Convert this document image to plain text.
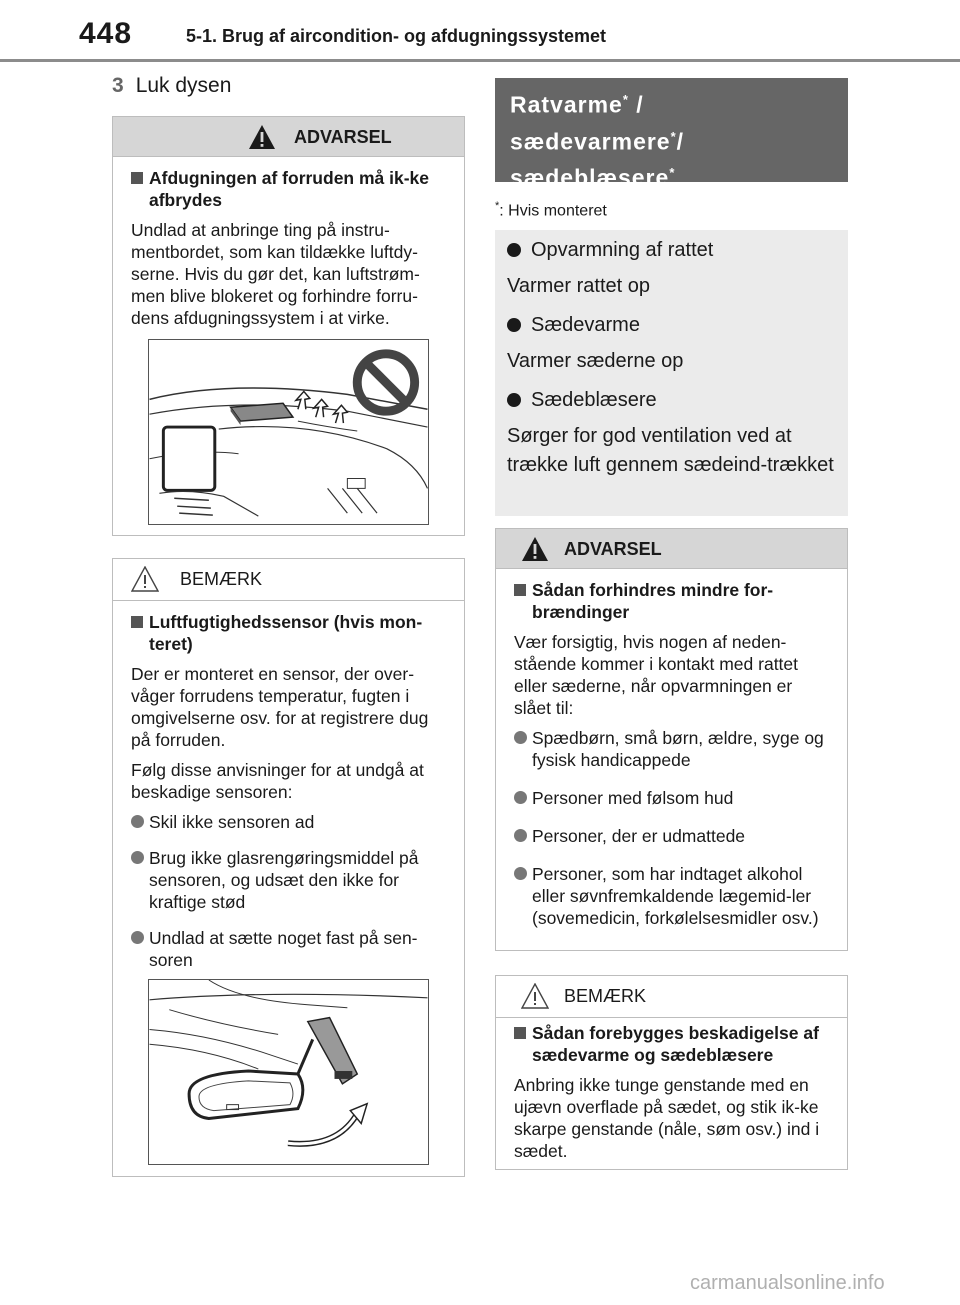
448	5-1. Brug af aircondition- og afdugningssystemet
3 Luk dysen
ADVARSEL
Afdugningen af forruden må ik-ke afbrydes
Undlad at anbringe ting på instru-mentbordet, som kan tildække luftdy-serne. Hvis du gør det, kan luftstrøm-men blive blokeret og forhindre forru-dens afdugningssystem i at virke.
BEMÆRK
Luftfugtighedssensor (hvis mon-teret)
Der er monteret en sensor, der over-våger forrudens temperatur, fugten i omgivelserne osv. for at registrere dug på forruden.
Følg disse anvisninger for at undgå at beskadige sensoren:
Skil ikke sensoren ad
Brug ikke glasrengøringsmiddel på sensoren, og udsæt den ikke for kraftige stød
Undlad at sætte noget fast på sen-soren
Ratvarme* /
sædevarmere*/
sædeblæsere*
*: Hvis monteret
Opvarmning af rattet
Varmer rattet op
Sædevarme
Varmer sæderne op
Sædeblæsere
Sørger for god ventilation ved at trække luft gennem sædeind-trækket
ADVARSEL
Sådan forhindres mindre for-brændinger
Vær forsigtig, hvis nogen af neden-stående kommer i kontakt med rattet eller sæderne, når opvarmningen er slået til:
Spædbørn, små børn, ældre, syge og fysisk handicappede
Personer med følsom hud
Personer, der er udmattede
Personer, som har indtaget alkohol eller søvnfremkaldende lægemid-ler (sovemedicin, forkølelsesmidler osv.)
BEMÆRK
Sådan forebygges beskadigelse af sædevarme og sædeblæsere
Anbring ikke tunge genstande med en ujævn overflade på sædet, og stik ik-ke skarpe genstande (nåle, søm osv.) ind i sædet.
carmanualsonline.info
